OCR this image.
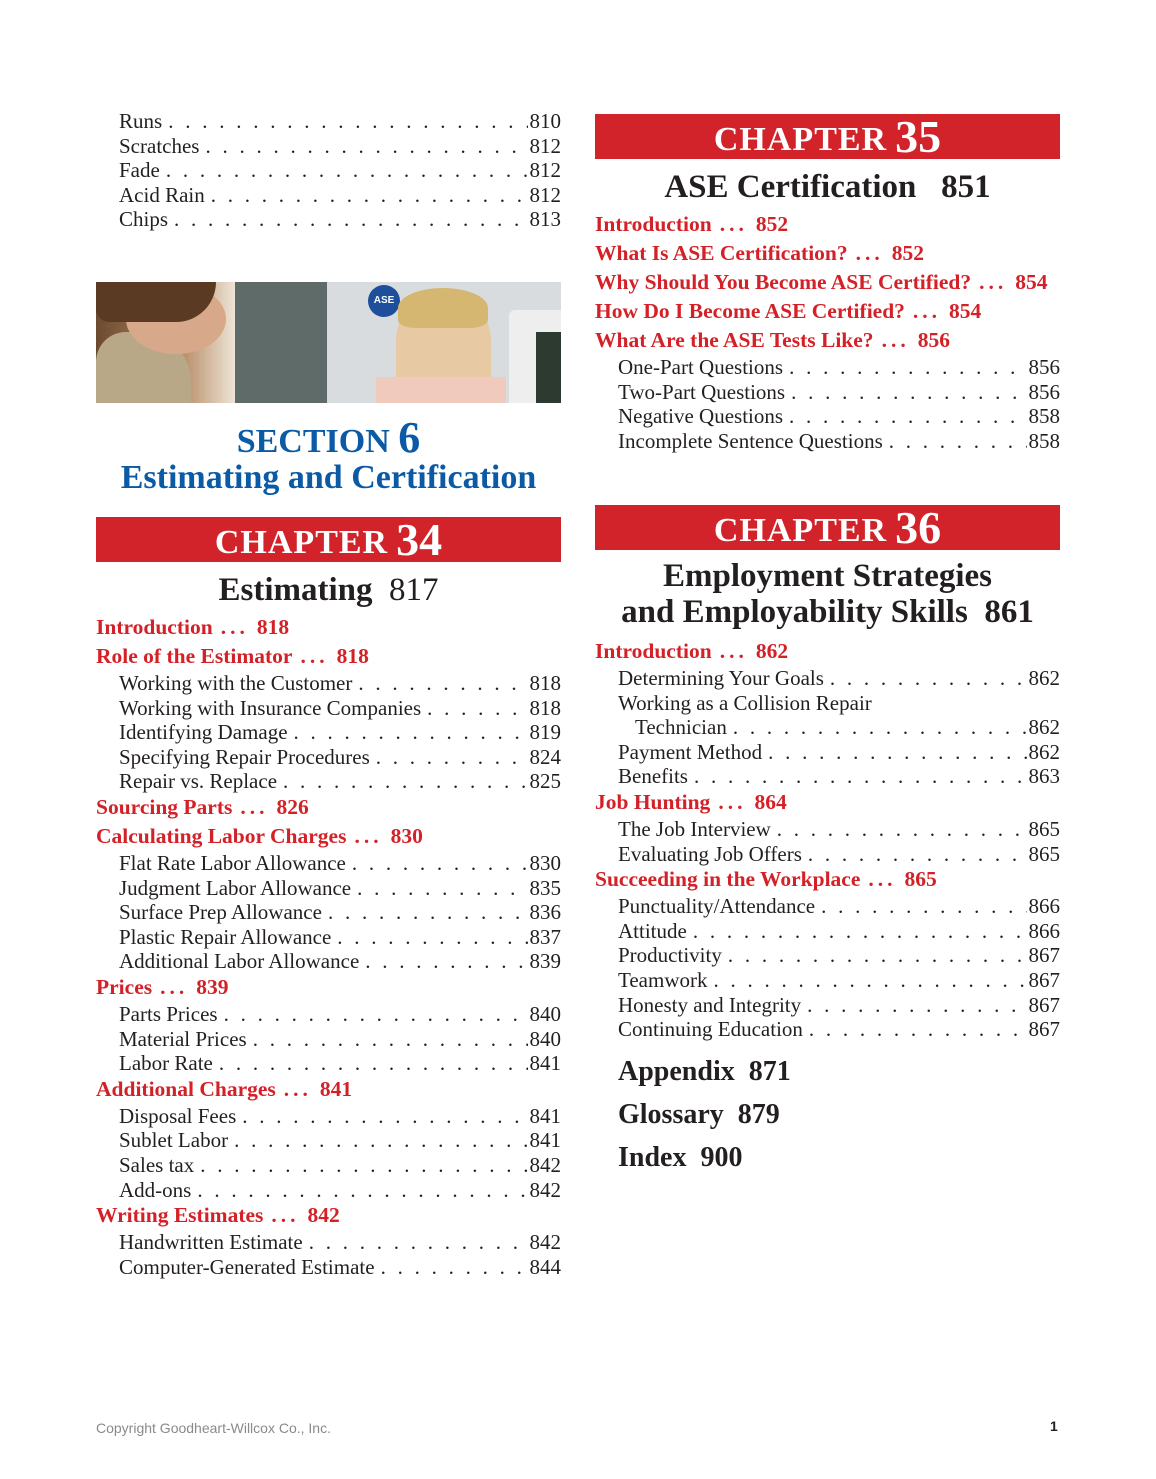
Runs . . .	810
Scratches . . .	812
Fade . . .	812
Acid Rain . . .	812
Chips . . .	813
ASE
SECTION 6
Estimating and Certification
CHAPTER 34
Estimating 817
Introduction ... 818
Role of the Estimator ... 818
Working with the Customer . . .	818
Working with Insurance Companies . . .	818
Identifying Damage . . .	819
Specifying Repair Procedures . . .	824
Repair vs. Replace . . .	825
Sourcing Parts ... 826
Calculating Labor Charges ... 830
Flat Rate Labor Allowance . . .	830
Judgment Labor Allowance . . .	835
Surface Prep Allowance . . .	836
Plastic Repair Allowance . . .	837
Additional Labor Allowance . . .	839
Prices ... 839
Parts Prices . . .	840
Material Prices . . .	840
Labor Rate . . .	841
Additional Charges ... 841
Disposal Fees . . .	841
Sublet Labor . . .	841
Sales tax . . .	842
Add-ons . . .	842
Writing Estimates ... 842
Handwritten Estimate . . .	842
Computer-Generated Estimate . . .	844
CHAPTER 35
ASE Certification 851
Introduction ... 852
What Is ASE Certification? ... 852
Why Should You Become ASE Certified? ... 854
How Do I Become ASE Certified? ... 854
What Are the ASE Tests Like? ... 856
One-Part Questions . . .	856
Two-Part Questions . . .	856
Negative Questions . . .	858
Incomplete Sentence Questions . . .	858
CHAPTER 36
Employment Strategies
and Employability Skills 861
Introduction ... 862
Determining Your Goals . . .	862
Working as a Collision Repair
Technician . . .	862
Payment Method . . .	862
Benefits . . .	863
Job Hunting ... 864
The Job Interview . . .	865
Evaluating Job Offers . . .	865
Succeeding in the Workplace ... 865
Punctuality/Attendance . . .	866
Attitude . . .	866
Productivity . . .	867
Teamwork . . .	867
Honesty and Integrity . . .	867
Continuing Education . . .	867
Appendix 871
Glossary 879
Index 900
Copyright Goodheart-Willcox Co., Inc.	1
